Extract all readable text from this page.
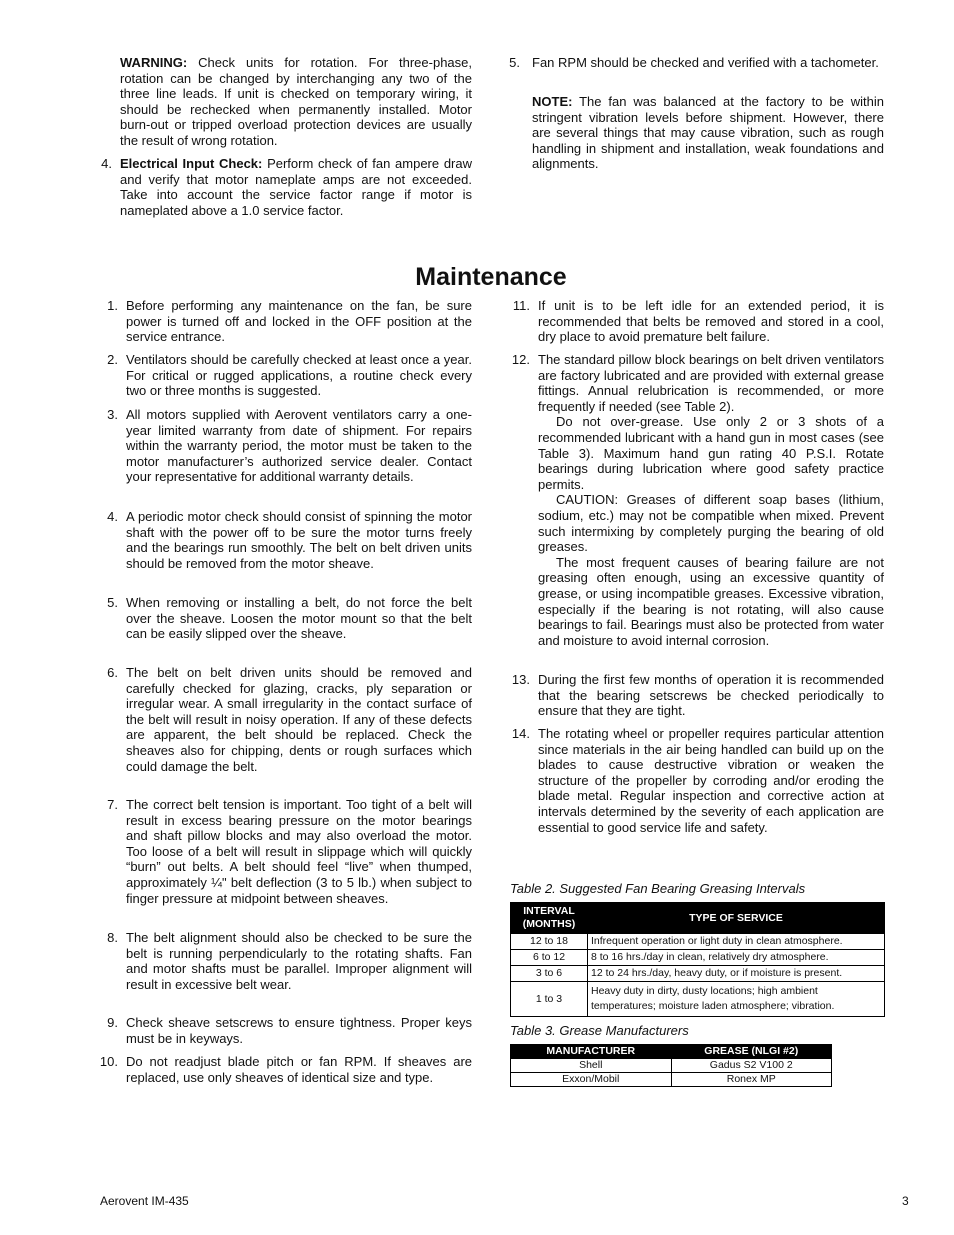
WARNING: Check units for rotation. For three-phase, rotation can be changed by interchanging any two of the three line leads. If unit is checked on temporary wiring, it should be rechecked when permanently installed. Motor burn-out or tripped overload protection devices are usually the result of wrong rotation.
4. Electrical Input Check: Perform check of fan ampere draw and verify that motor nameplate amps are not exceeded. Take into account the service factor range if motor is nameplated above a 1.0 service factor.
5. Fan RPM should be checked and verified with a tachometer.
NOTE: The fan was balanced at the factory to be within stringent vibration levels before shipment. However, there are several things that may cause vibration, such as rough handling in shipment and installation, weak foundations and alignments.
Maintenance
1. Before performing any maintenance on the fan, be sure power is turned off and locked in the OFF position at the service entrance.
2. Ventilators should be carefully checked at least once a year. For critical or rugged applications, a routine check every two or three months is suggested.
3. All motors supplied with Aerovent ventilators carry a one-year limited warranty from date of shipment. For repairs within the warranty period, the motor must be taken to the motor manufacturer’s authorized service dealer. Contact your representative for additional warranty details.
4. A periodic motor check should consist of spinning the motor shaft with the power off to be sure the motor turns freely and the bearings run smoothly. The belt on belt driven units should be removed from the motor sheave.
5. When removing or installing a belt, do not force the belt over the sheave. Loosen the motor mount so that the belt can be easily slipped over the sheave.
6. The belt on belt driven units should be removed and carefully checked for glazing, cracks, ply separation or irregular wear. A small irregularity in the contact surface of the belt will result in noisy operation. If any of these defects are apparent, the belt should be replaced. Check the sheaves also for chipping, dents or rough surfaces which could damage the belt.
7. The correct belt tension is important. Too tight of a belt will result in excess bearing pressure on the motor bearings and shaft pillow blocks and may also overload the motor. Too loose of a belt will result in slippage which will quickly “burn” out belts. A belt should feel “live” when thumped, approximately ¼" belt deflection (3 to 5 lb.) when subject to finger pressure at midpoint between sheaves.
8. The belt alignment should also be checked to be sure the belt is running perpendicularly to the rotating shafts. Fan and motor shafts must be parallel. Improper alignment will result in excessive belt wear.
9. Check sheave setscrews to ensure tightness. Proper keys must be in keyways.
10. Do not readjust blade pitch or fan RPM. If sheaves are replaced, use only sheaves of identical size and type.
11. If unit is to be left idle for an extended period, it is recommended that belts be removed and stored in a cool, dry place to avoid premature belt failure.
12. The standard pillow block bearings on belt driven ventilators are factory lubricated and are provided with external grease fittings. Annual relubrication is recommended, or more frequently if needed (see Table 2).

Do not over-grease. Use only 2 or 3 shots of a recommended lubricant with a hand gun in most cases (see Table 3). Maximum hand gun rating 40 P.S.I. Rotate bearings during lubrication where good safety practice permits.

CAUTION: Greases of different soap bases (lithium, sodium, etc.) may not be compatible when mixed. Prevent such intermixing by completely purging the bearing of old greases.

The most frequent causes of bearing failure are not greasing often enough, using an excessive quantity of grease, or using incompatible greases. Excessive vibration, especially if the bearing is not rotating, will also cause bearings to fail. Bearings must also be protected from water and moisture to avoid internal corrosion.

13. During the first few months of operation it is recommended that the bearing setscrews be checked periodically to ensure that they are tight.
14. The rotating wheel or propeller requires particular attention since materials in the air being handled can build up on the blades to cause destructive vibration or weaken the structure of the propeller by corroding and/or eroding the blade metal. Regular inspection and corrective action at intervals determined by the severity of each application are essential to good service life and safety.
Table 2. Suggested Fan Bearing Greasing Intervals
INTERVAL
(MONTHS)	TYPE OF SERVICE
12 to 18	Infrequent operation or light duty in clean atmosphere.
6 to 12	8 to 16 hrs./day in clean, relatively dry atmosphere.
3 to 6	12 to 24 hrs./day, heavy duty, or if moisture is present.
1 to 3	Heavy duty in dirty, dusty locations; high ambient
temperatures; moisture laden atmosphere; vibration.
Table 3. Grease Manufacturers
MANUFACTURER	GREASE (NLGI #2)
Shell	Gadus S2 V100 2
Exxon/Mobil	Ronex MP
Aerovent IM-435	3
